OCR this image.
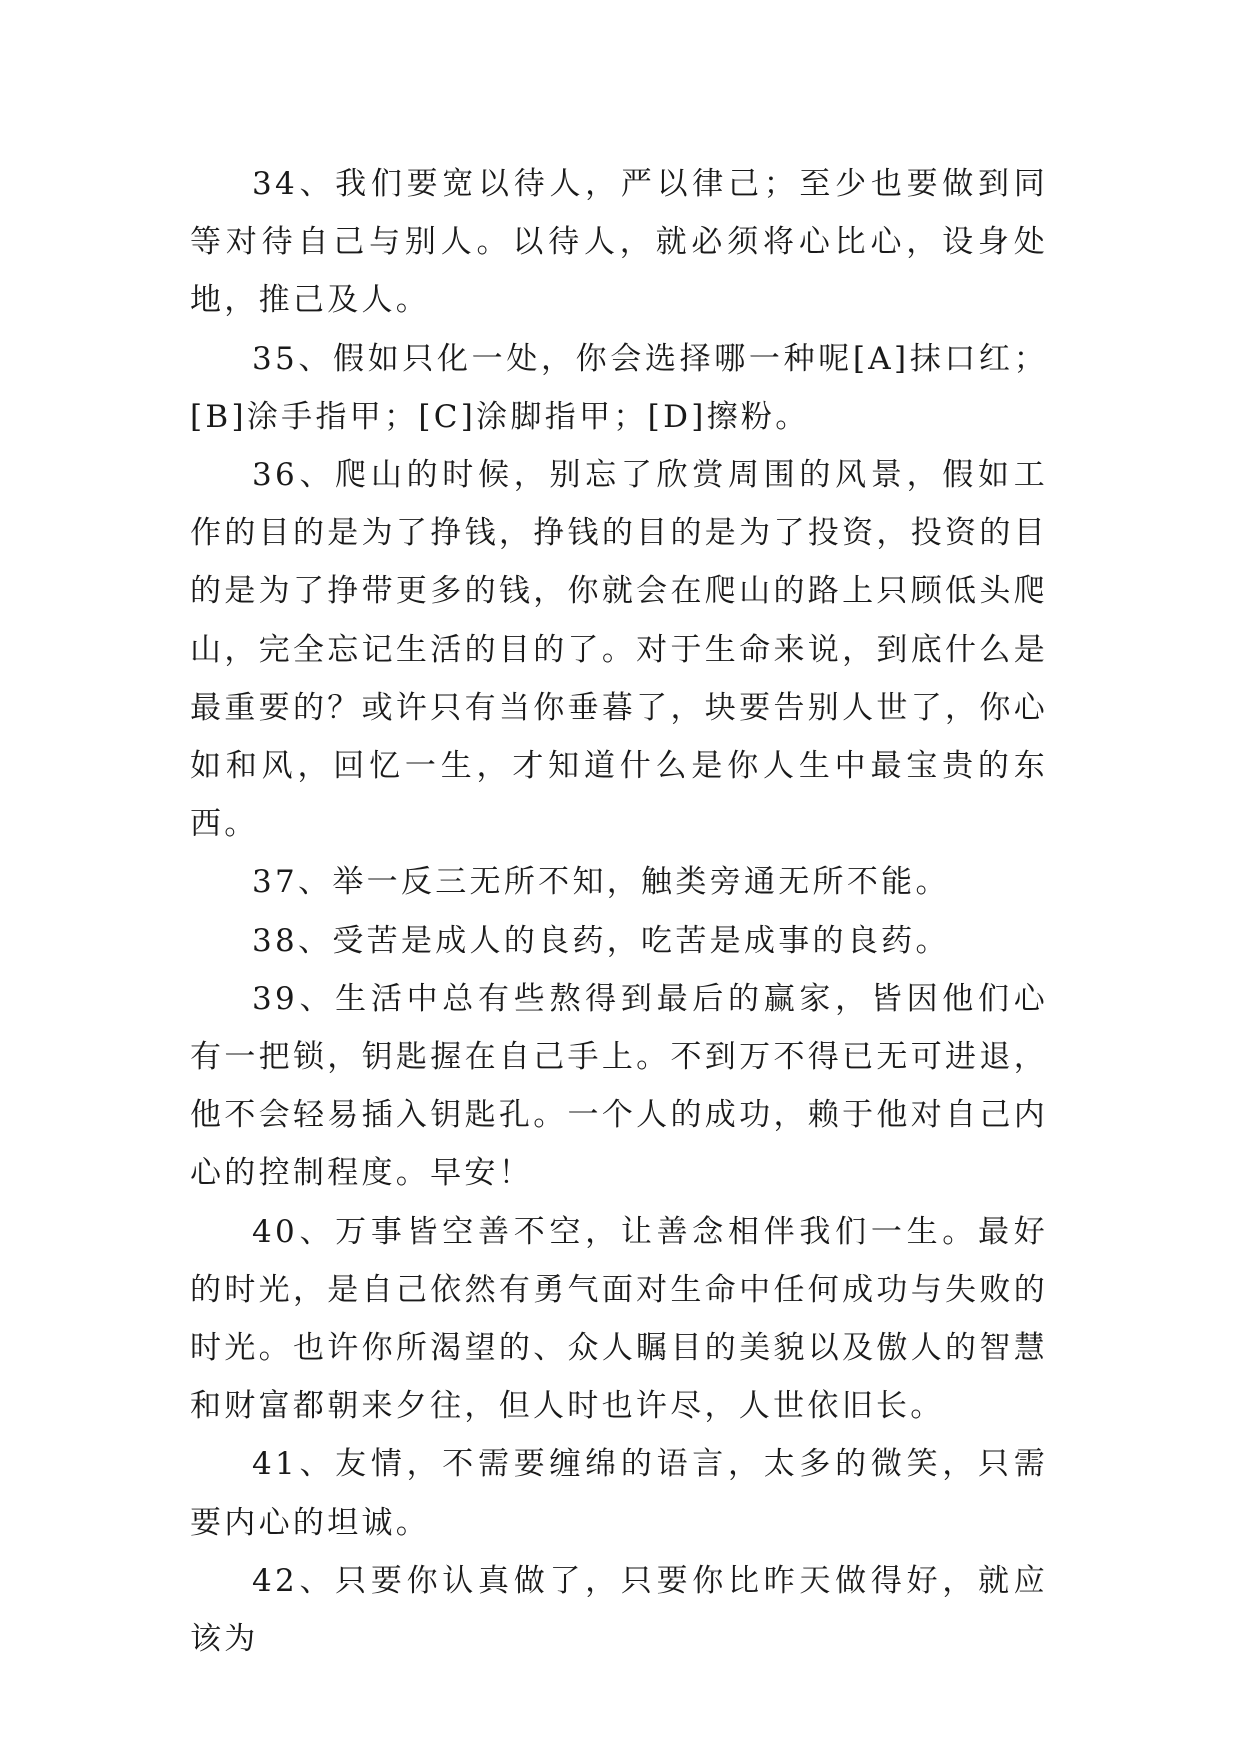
34、我们要宽以待人，严以律己；至少也要做到同等对待自己与别人。以待人，就必须将心比心，设身处地，推己及人。

35、假如只化一处，你会选择哪一种呢[A]抹口红；[B]涂手指甲；[C]涂脚指甲；[D]擦粉。

36、爬山的时候，别忘了欣赏周围的风景，假如工作的目的是为了挣钱，挣钱的目的是为了投资，投资的目的是为了挣带更多的钱，你就会在爬山的路上只顾低头爬山，完全忘记生活的目的了。对于生命来说，到底什么是最重要的？或许只有当你垂暮了，块要告别人世了，你心如和风，回忆一生，才知道什么是你人生中最宝贵的东西。

37、举一反三无所不知，触类旁通无所不能。

38、受苦是成人的良药，吃苦是成事的良药。

39、生活中总有些熬得到最后的赢家，皆因他们心有一把锁，钥匙握在自己手上。不到万不得已无可进退，他不会轻易插入钥匙孔。一个人的成功，赖于他对自己内心的控制程度。早安！

40、万事皆空善不空，让善念相伴我们一生。最好的时光，是自己依然有勇气面对生命中任何成功与失败的时光。也许你所渴望的、众人瞩目的美貌以及傲人的智慧和财富都朝来夕往，但人时也许尽，人世依旧长。

41、友情，不需要缠绵的语言，太多的微笑，只需要内心的坦诚。

42、只要你认真做了，只要你比昨天做得好，就应该为
